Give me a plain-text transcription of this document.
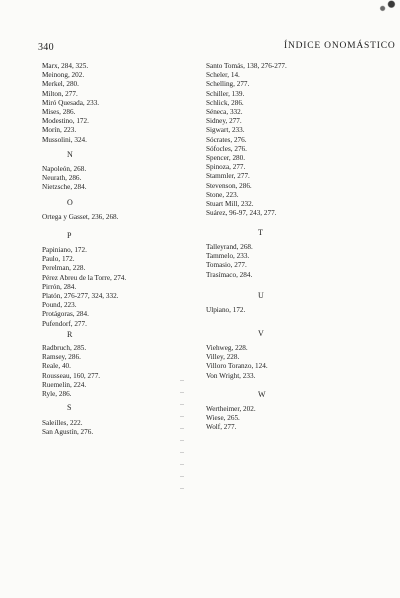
340	ÍNDICE ONOMÁSTICO
Marx, 284, 325.
Meinong, 202.
Merkel, 280.
Milton, 277.
Miró Quesada, 233.
Mises, 286.
Modestino, 172.
Morín, 223.
Mussolini, 324.
N
Napoleón, 268.
Neurath, 286.
Nietzsche, 284.
O
Ortega y Gasset, 236, 268.
P
Papiniano, 172.
Paulo, 172.
Perelman, 228.
Pérez Abreu de la Torre, 274.
Pirrón, 284.
Platón, 276-277, 324, 332.
Pound, 223.
Protágoras, 284.
Pufendorf, 277.
R
Radbruch, 285.
Ramsey, 286.
Reale, 40.
Rousseau, 160, 277.
Ruemelin, 224.
Ryle, 286.
S
Saleilles, 222.
San Agustín, 276.
Santo Tomás, 138, 276-277.
Scheler, 14.
Schelling, 277.
Schiller, 139.
Schlick, 286.
Séneca, 332.
Sidney, 277.
Sigwart, 233.
Sócrates, 276.
Sófocles, 276.
Spencer, 280.
Spinoza, 277.
Stammler, 277.
Stevenson, 286.
Stone, 223.
Stuart Mill, 232.
Suárez, 96-97, 243, 277.
T
Talleyrand, 268.
Tammelo, 233.
Tomasio, 277.
Trasímaco, 284.
U
Ulpiano, 172.
V
Viehweg, 228.
Villey, 228.
Villoro Toranzo, 124.
Von Wright, 233.
W
Wertheimer, 202.
Wiese, 265.
Wolf, 277.
